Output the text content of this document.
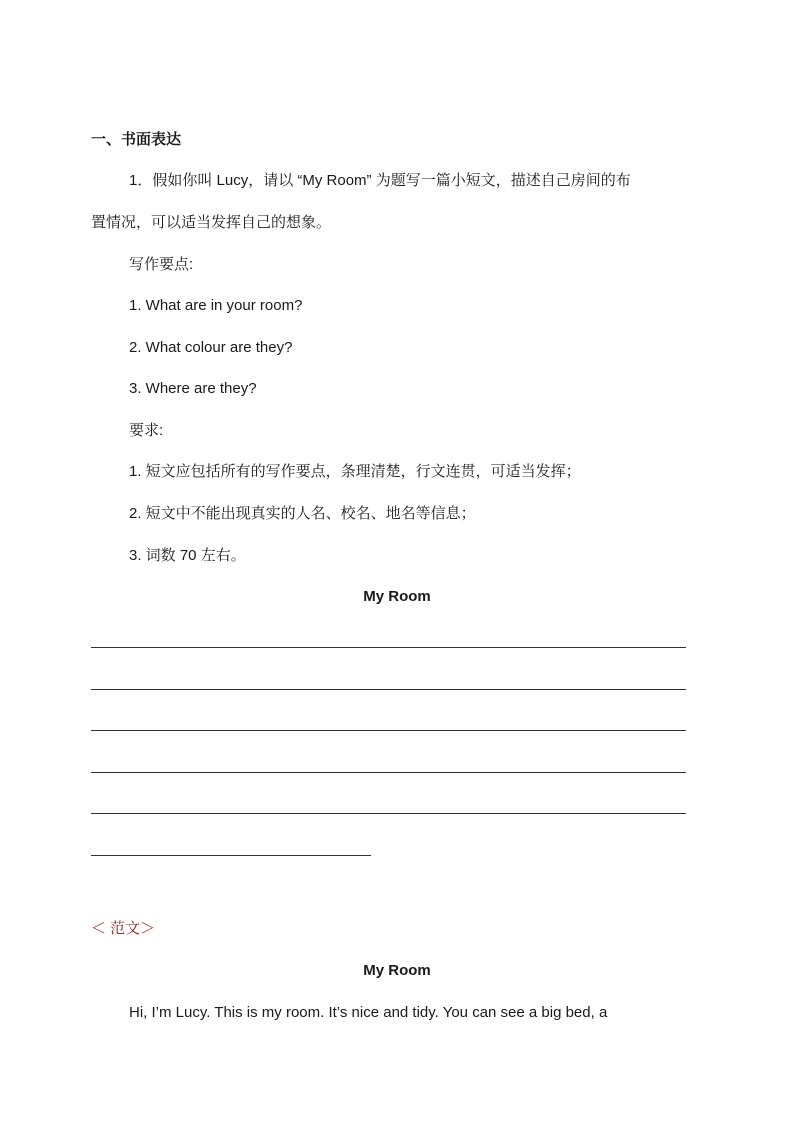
一、书面表达
1．假如你叫 Lucy，请以 “My Room” 为题写一篇小短文，描述自己房间的布
置情况，可以适当发挥自己的想象。
写作要点:
1. What are in your room?
2. What colour are they?
3. Where are they?
要求:
1. 短文应包括所有的写作要点，条理清楚，行文连贯，可适当发挥；
2. 短文中不能出现真实的人名、校名、地名等信息；
3. 词数 70 左右。
My Room
＜ 范文＞
My Room
Hi, I’m Lucy. This is my room. It’s nice and tidy. You can see a big bed, a
